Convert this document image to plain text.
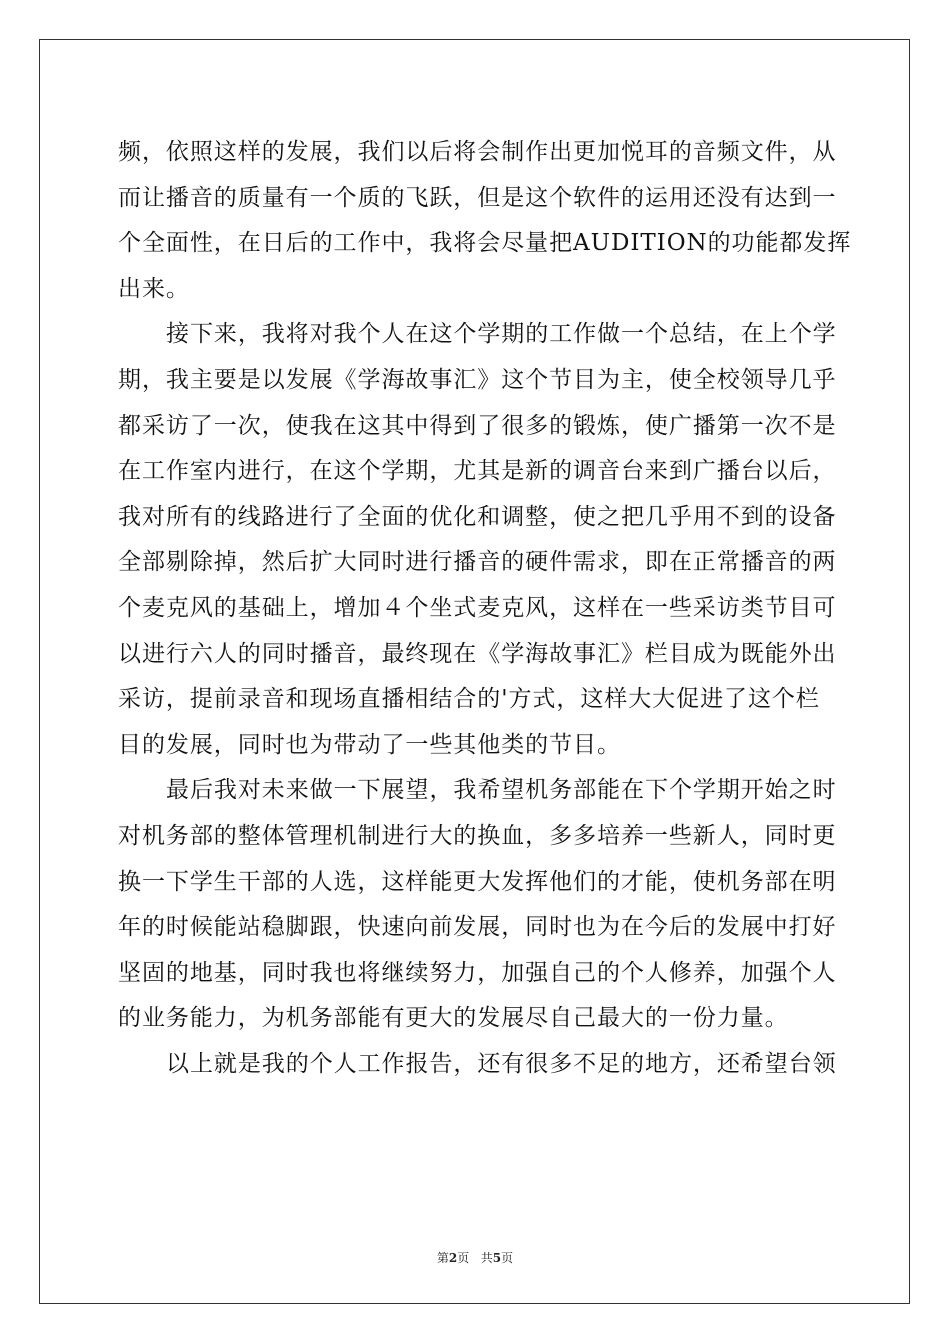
频，依照这样的发展，我们以后将会制作出更加悦耳的音频文件，从
而让播音的质量有一个质的飞跃，但是这个软件的运用还没有达到一
个全面性，在日后的工作中，我将会尽量把AUDITION的功能都发挥
出来。
接下来，我将对我个人在这个学期的工作做一个总结，在上个学
期，我主要是以发展《学海故事汇》这个节目为主，使全校领导几乎
都采访了一次，使我在这其中得到了很多的锻炼，使广播第一次不是
在工作室内进行，在这个学期，尤其是新的调音台来到广播台以后，
我对所有的线路进行了全面的优化和调整，使之把几乎用不到的设备
全部剔除掉，然后扩大同时进行播音的硬件需求，即在正常播音的两
个麦克风的基础上，增加４个坐式麦克风，这样在一些采访类节目可
以进行六人的同时播音，最终现在《学海故事汇》栏目成为既能外出
采访，提前录音和现场直播相结合的'方式，这样大大促进了这个栏
目的发展，同时也为带动了一些其他类的节目。
最后我对未来做一下展望，我希望机务部能在下个学期开始之时
对机务部的整体管理机制进行大的换血，多多培养一些新人，同时更
换一下学生干部的人选，这样能更大发挥他们的才能，使机务部在明
年的时候能站稳脚跟，快速向前发展，同时也为在今后的发展中打好
坚固的地基，同时我也将继续努力，加强自己的个人修养，加强个人
的业务能力，为机务部能有更大的发展尽自己最大的一份力量。
以上就是我的个人工作报告，还有很多不足的地方，还希望台领
第2页 共5页
